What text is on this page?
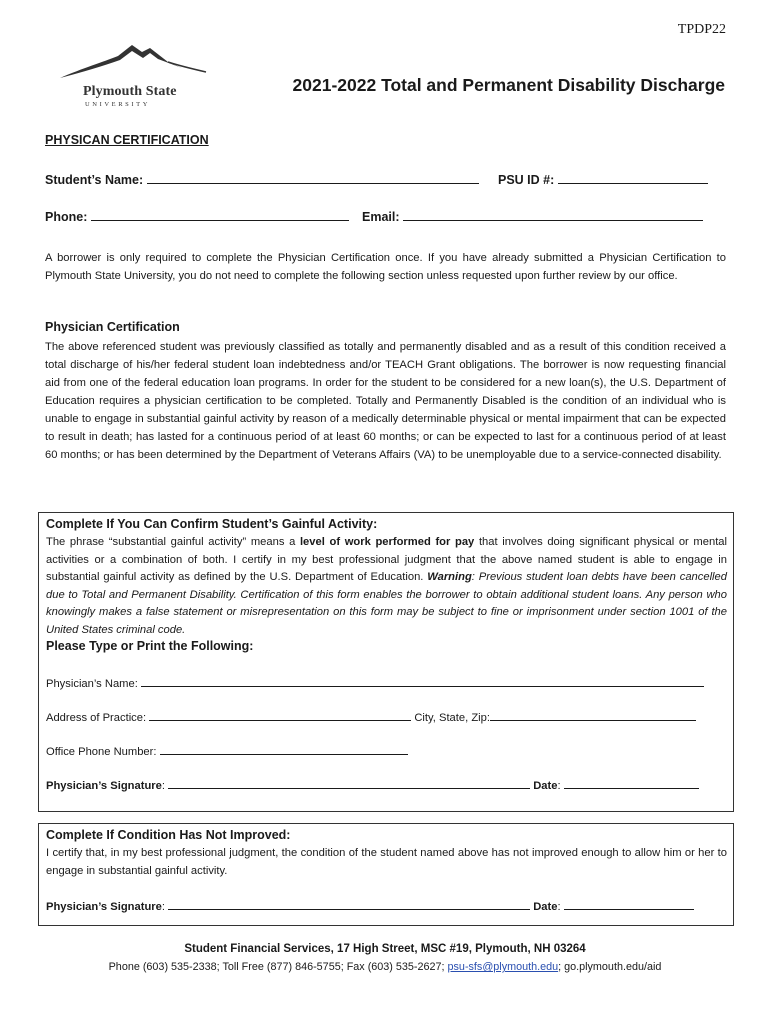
TPDP22
Plymouth State
UNIVERSITY
2021-2022 Total and Permanent Disability Discharge
PHYSICAN CERTIFICATION
Student’s Name:	PSU ID #:
Phone:	Email:
A borrower is only required to complete the Physician Certification once. If you have already submitted a Physician Certification to Plymouth State University, you do not need to complete the following section unless requested upon further review by our office.
Physician Certification
The above referenced student was previously classified as totally and permanently disabled and as a result of this condition received a total discharge of his/her federal student loan indebtedness and/or TEACH Grant obligations. The borrower is now requesting financial aid from one of the federal education loan programs. In order for the student to be considered for a new loan(s), the U.S. Department of Education requires a physician certification to be completed. Totally and Permanently Disabled is the condition of an individual who is unable to engage in substantial gainful activity by reason of a medically determinable physical or mental impairment that can be expected to result in death; has lasted for a continuous period of at least 60 months; or can be expected to last for a continuous period of at least 60 months; or has been determined by the Department of Veterans Affairs (VA) to be unemployable due to a service-connected disability.
Complete If You Can Confirm Student’s Gainful Activity:
The phrase “substantial gainful activity” means a level of work performed for pay that involves doing significant physical or mental activities or a combination of both. I certify in my best professional judgment that the above named student is able to engage in substantial gainful activity as defined by the U.S. Department of Education. Warning: Previous student loan debts have been cancelled due to Total and Permanent Disability. Certification of this form enables the borrower to obtain additional student loans. Any person who knowingly makes a false statement or misrepresentation on this form may be subject to fine or imprisonment under section 1001 of the United States criminal code.
Please Type or Print the Following:
Physician’s Name:
Address of Practice:	City, State, Zip:
Office Phone Number:
Physician’s Signature:	Date:
Complete If Condition Has Not Improved:
I certify that, in my best professional judgment, the condition of the student named above has not improved enough to allow him or her to engage in substantial gainful activity.
Physician’s Signature:	Date:
Student Financial Services, 17 High Street, MSC #19, Plymouth, NH 03264
Phone (603) 535-2338; Toll Free (877) 846-5755; Fax (603) 535-2627; psu-sfs@plymouth.edu; go.plymouth.edu/aid
